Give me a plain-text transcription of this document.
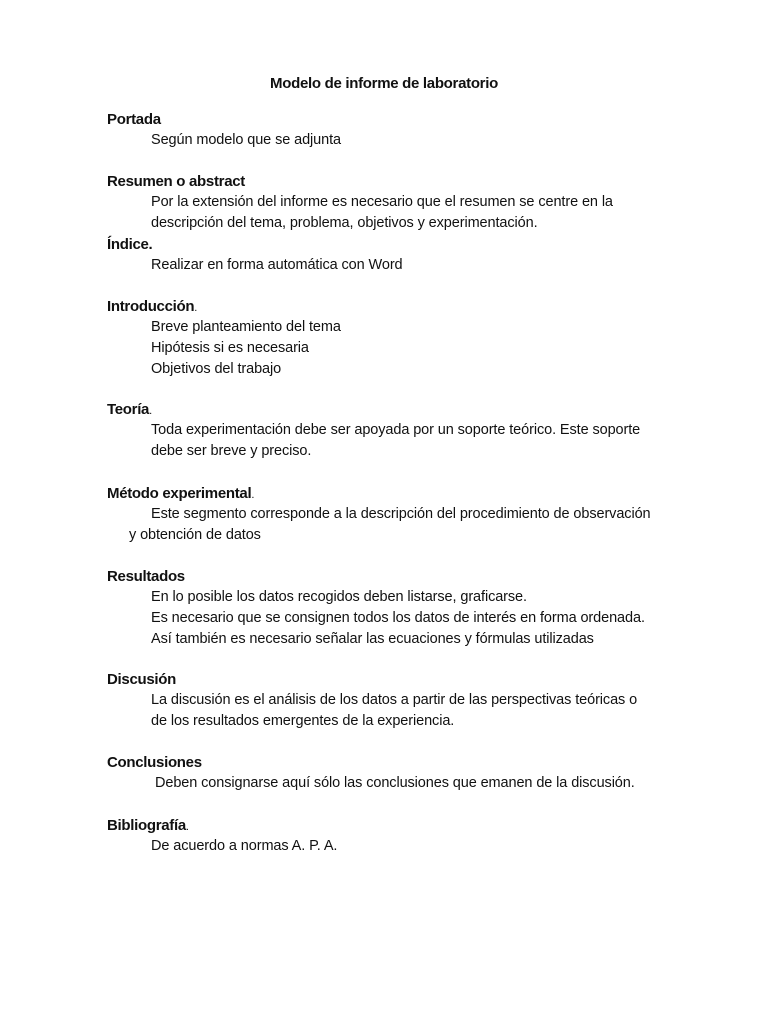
Modelo de informe de laboratorio
Portada
Según modelo que se adjunta
Resumen o abstract
Por la extensión del informe es necesario que el resumen se centre en la
descripción del tema, problema, objetivos y experimentación.
Índice.
Realizar en forma automática con Word
Introducción.
Breve planteamiento del tema
Hipótesis si es necesaria
Objetivos del trabajo
Teoría.
Toda experimentación debe ser apoyada por un soporte teórico. Este soporte
debe ser breve y preciso.
Método experimental.
Este segmento corresponde a la descripción del procedimiento de observación
y obtención de datos
Resultados
En lo posible los datos recogidos deben listarse, graficarse.
Es necesario que se consignen todos los datos de interés en forma ordenada.
Así también es necesario señalar las ecuaciones y fórmulas utilizadas
Discusión
La discusión es el análisis de los datos a partir de las perspectivas teóricas o
de los resultados emergentes de la experiencia.
Conclusiones
Deben consignarse aquí sólo las conclusiones que emanen de la discusión.
Bibliografía.
De acuerdo a normas A. P. A.
